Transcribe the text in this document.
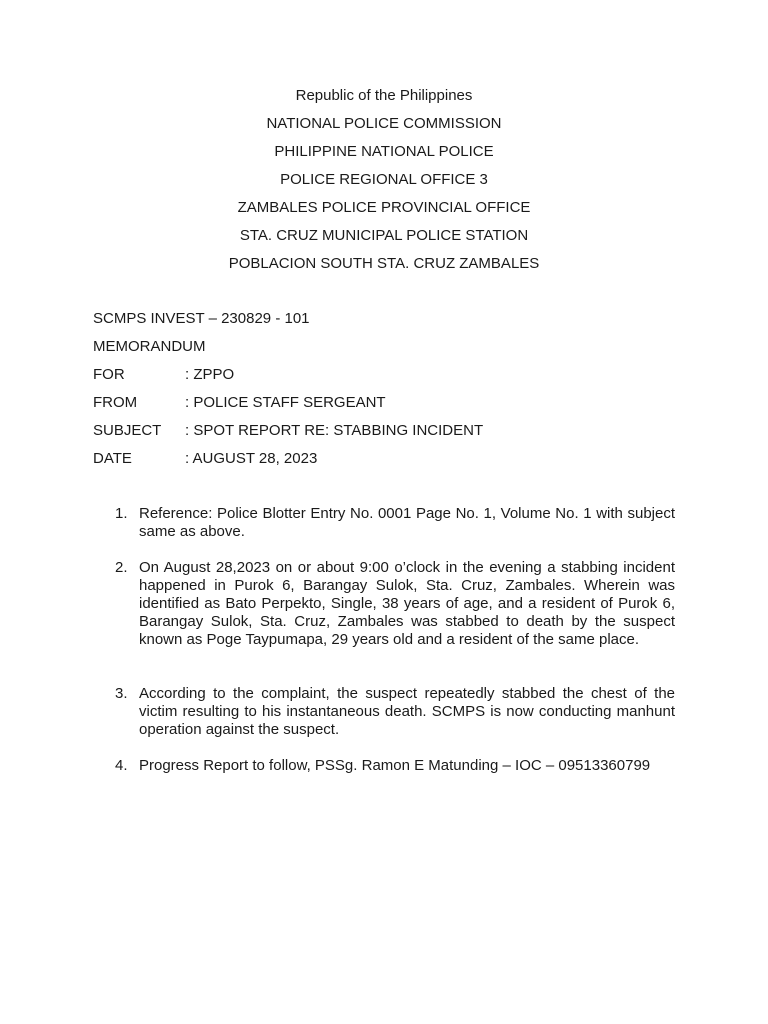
Republic of the Philippines
NATIONAL POLICE COMMISSION
PHILIPPINE NATIONAL POLICE
POLICE REGIONAL OFFICE 3
ZAMBALES POLICE PROVINCIAL OFFICE
STA. CRUZ MUNICIPAL POLICE STATION
POBLACION SOUTH STA. CRUZ ZAMBALES
SCMPS INVEST – 230829 - 101
MEMORANDUM
FOR	: ZPPO
FROM	: POLICE STAFF SERGEANT
SUBJECT : SPOT REPORT RE: STABBING INCIDENT
DATE	: AUGUST 28, 2023
1. Reference: Police Blotter Entry No. 0001 Page No. 1, Volume No. 1 with subject same as above.
2. On August 28,2023 on or about 9:00 o’clock in the evening a stabbing incident happened in Purok 6, Barangay Sulok, Sta. Cruz, Zambales. Wherein was identified as Bato Perpekto, Single, 38 years of age, and a resident of Purok 6, Barangay Sulok, Sta. Cruz, Zambales was stabbed to death by the suspect known as Poge Taypumapa, 29 years old and a resident of the same place.
3. According to the complaint, the suspect repeatedly stabbed the chest of the victim resulting to his instantaneous death. SCMPS is now conducting manhunt operation against the suspect.
4. Progress Report to follow, PSSg. Ramon E Matunding – IOC – 09513360799
